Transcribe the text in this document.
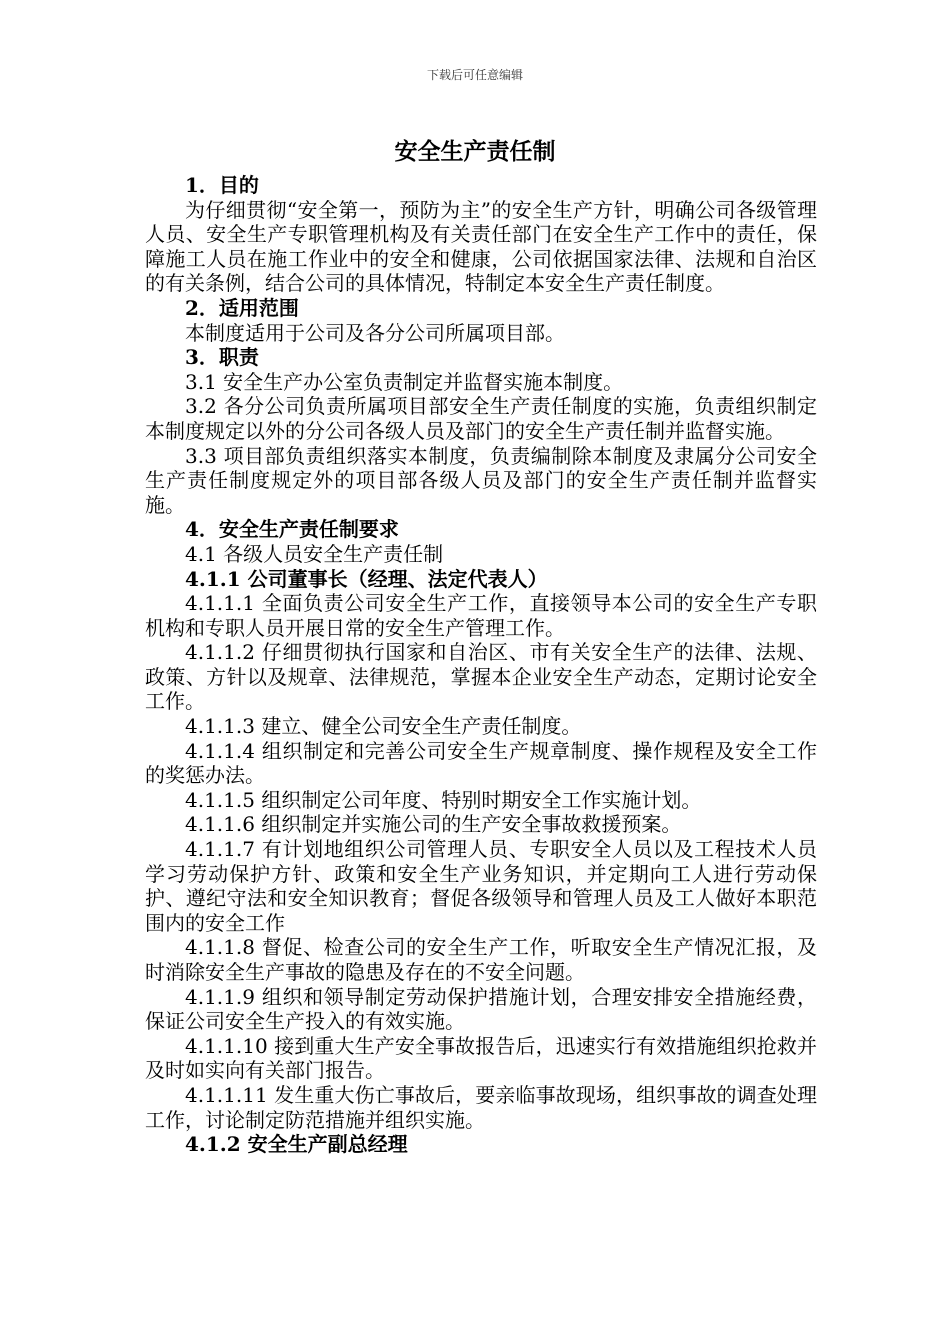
下载后可任意编辑
安全生产责任制

1．目的

为仔细贯彻“安全第一，预防为主”的安全生产方针，明确公司各级管理人员、安全生产专职管理机构及有关责任部门在安全生产工作中的责任，保障施工人员在施工作业中的安全和健康，公司依据国家法律、法规和自治区的有关条例，结合公司的具体情况，特制定本安全生产责任制度。

2．适用范围

本制度适用于公司及各分公司所属项目部。

3．职责

3.1 安全生产办公室负责制定并监督实施本制度。

3.2 各分公司负责所属项目部安全生产责任制度的实施，负责组织制定本制度规定以外的分公司各级人员及部门的安全生产责任制并监督实施。

3.3 项目部负责组织落实本制度，负责编制除本制度及隶属分公司安全生产责任制度规定外的项目部各级人员及部门的安全生产责任制并监督实施。

4．安全生产责任制要求

4.1 各级人员安全生产责任制

4.1.1 公司董事长（经理、法定代表人）

4.1.1.1 全面负责公司安全生产工作，直接领导本公司的安全生产专职机构和专职人员开展日常的安全生产管理工作。

4.1.1.2 仔细贯彻执行国家和自治区、市有关安全生产的法律、法规、政策、方针以及规章、法律规范，掌握本企业安全生产动态，定期讨论安全工作。

4.1.1.3 建立、健全公司安全生产责任制度。

4.1.1.4 组织制定和完善公司安全生产规章制度、操作规程及安全工作的奖惩办法。

4.1.1.5 组织制定公司年度、特别时期安全工作实施计划。

4.1.1.6 组织制定并实施公司的生产安全事故救援预案。

4.1.1.7 有计划地组织公司管理人员、专职安全人员以及工程技术人员学习劳动保护方针、政策和安全生产业务知识，并定期向工人进行劳动保护、遵纪守法和安全知识教育；督促各级领导和管理人员及工人做好本职范围内的安全工作

4.1.1.8 督促、检查公司的安全生产工作，听取安全生产情况汇报，及时消除安全生产事故的隐患及存在的不安全问题。

4.1.1.9 组织和领导制定劳动保护措施计划，合理安排安全措施经费，保证公司安全生产投入的有效实施。

4.1.1.10 接到重大生产安全事故报告后，迅速实行有效措施组织抢救并及时如实向有关部门报告。

4.1.1.11 发生重大伤亡事故后，要亲临事故现场，组织事故的调查处理工作，讨论制定防范措施并组织实施。

4.1.2 安全生产副总经理
